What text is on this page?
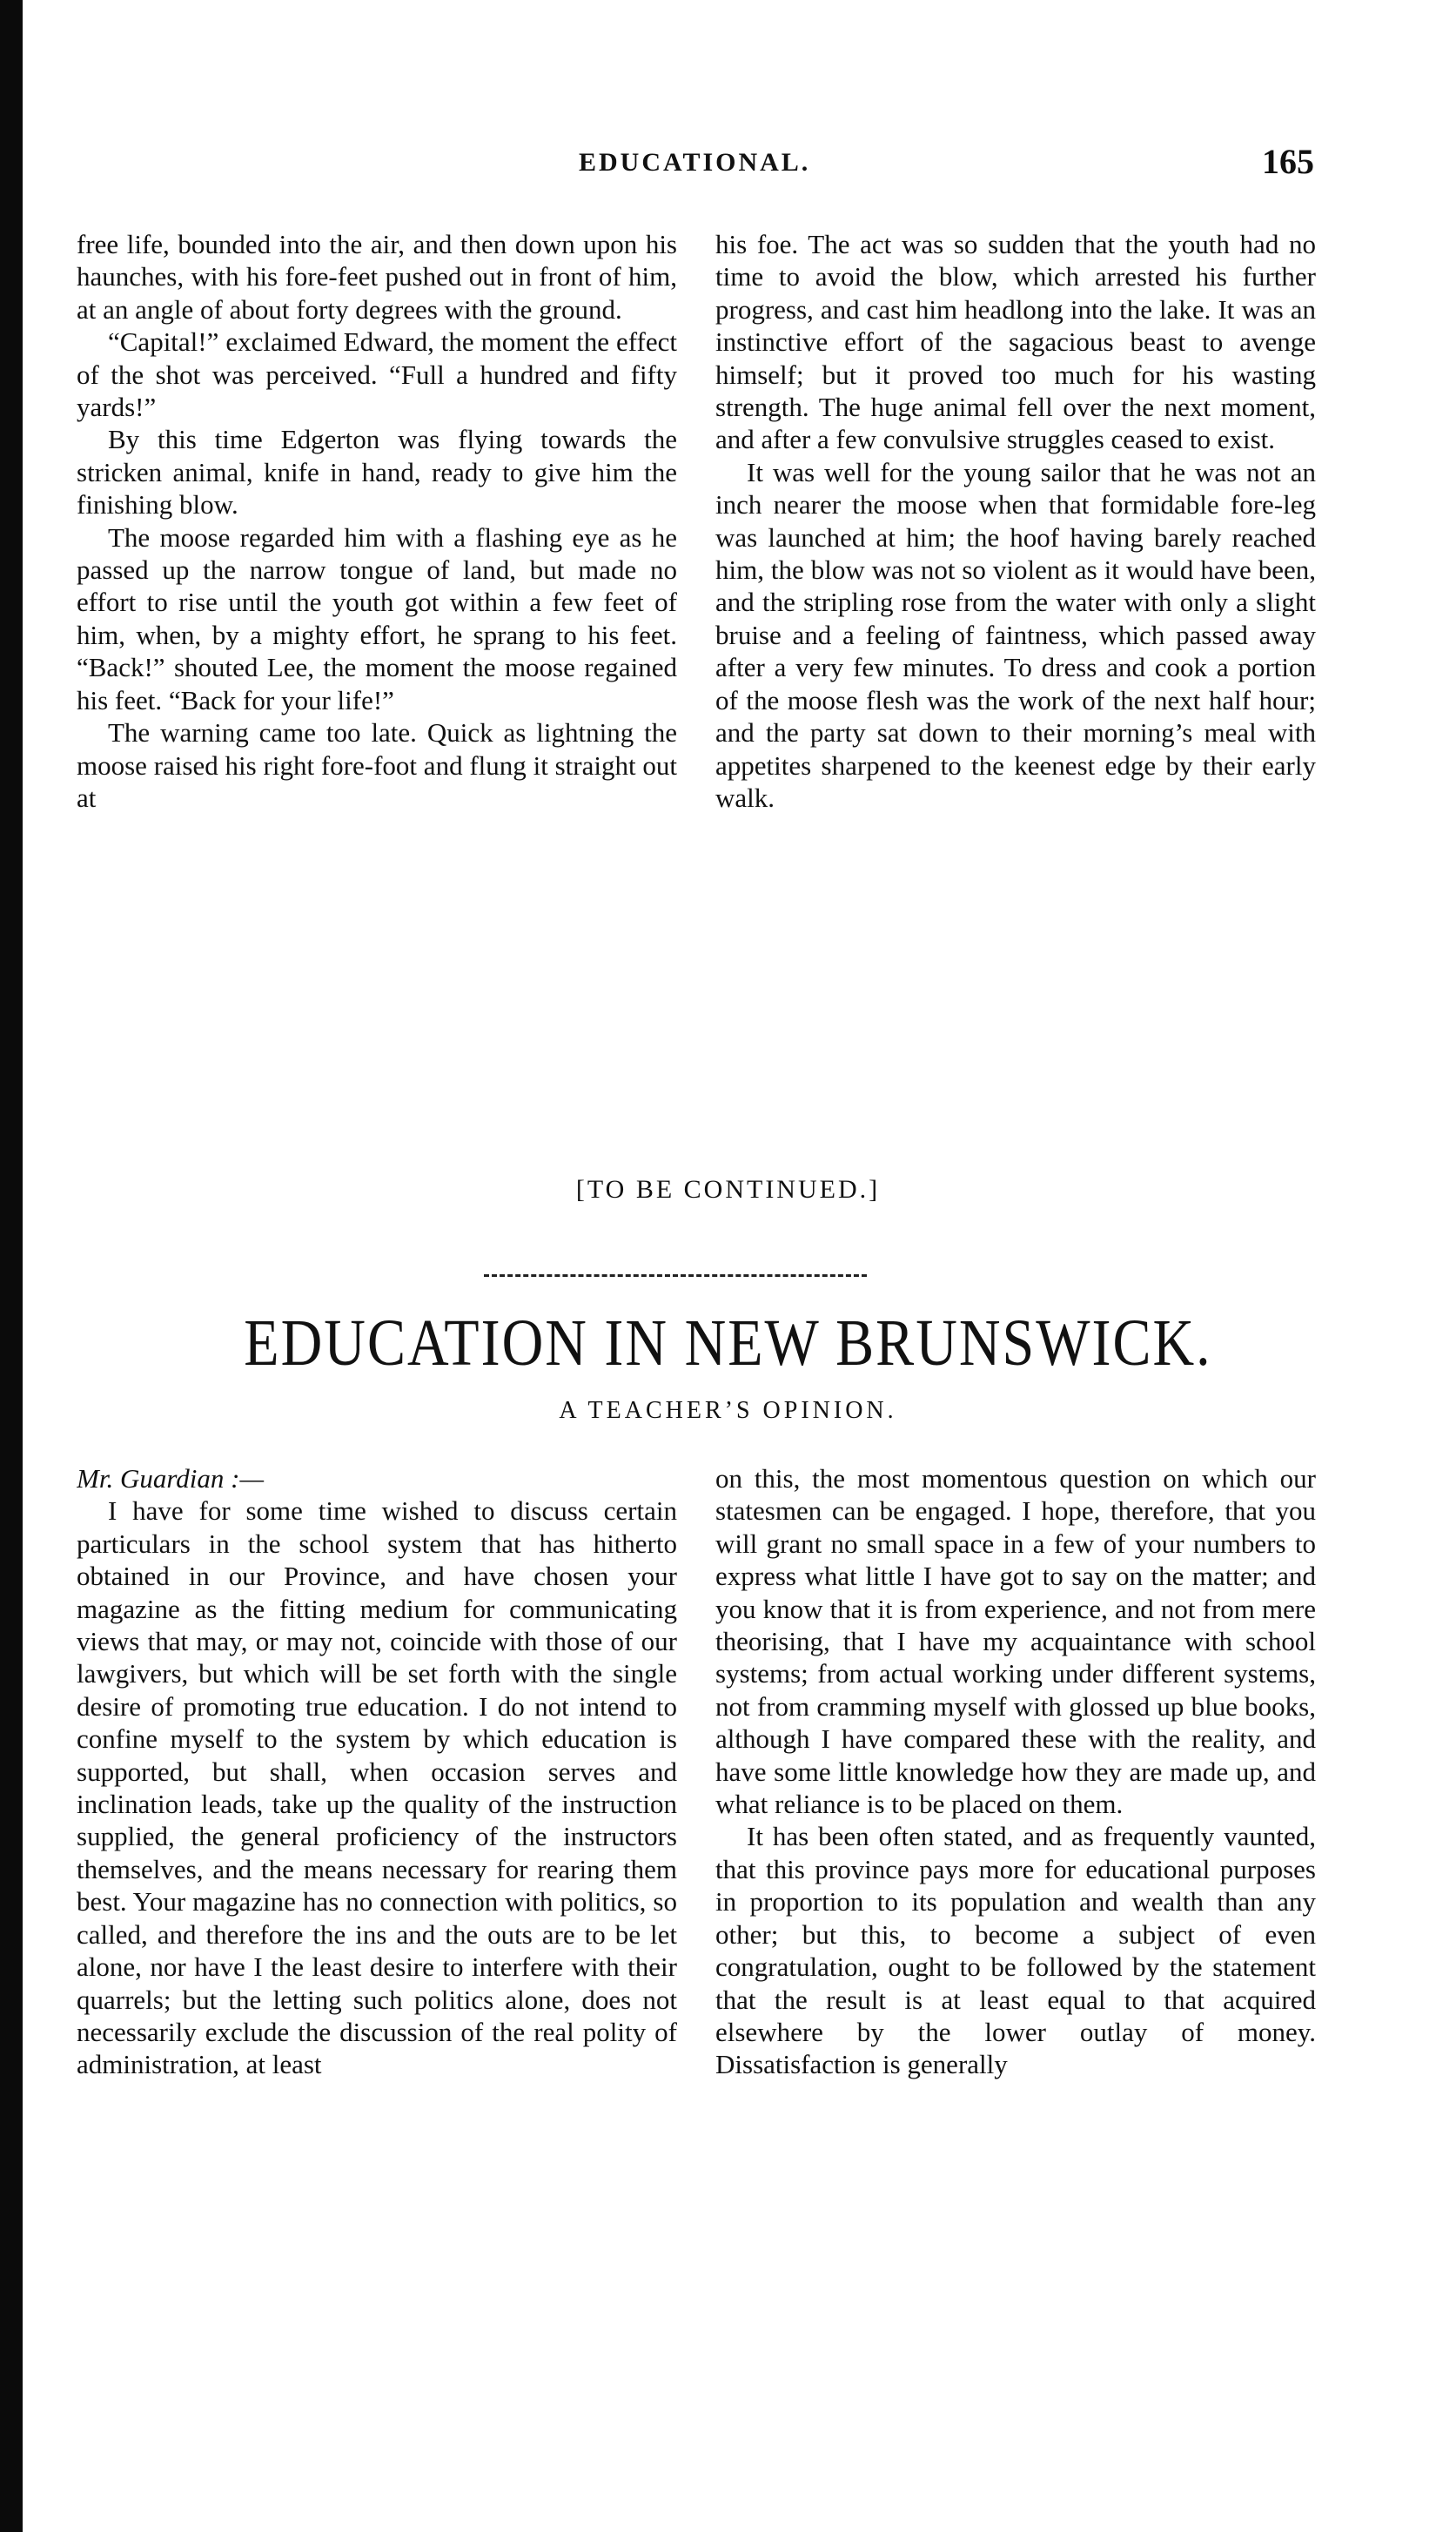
EDUCATIONAL.	165

free life, bounded into the air, and then down upon his haunches, with his fore-feet pushed out in front of him, at an angle of about forty degrees with the ground.

“Capital!” exclaimed Edward, the moment the effect of the shot was perceived. “Full a hundred and fifty yards!”

By this time Edgerton was flying towards the stricken animal, knife in hand, ready to give him the finishing blow.

The moose regarded him with a flashing eye as he passed up the narrow tongue of land, but made no effort to rise until the youth got within a few feet of him, when, by a mighty effort, he sprang to his feet. “Back!” shouted Lee, the moment the moose regained his feet. “Back for your life!”

The warning came too late. Quick as lightning the moose raised his right fore-foot and flung it straight out at

his foe. The act was so sudden that the youth had no time to avoid the blow, which arrested his further progress, and cast him headlong into the lake. It was an instinctive effort of the sagacious beast to avenge himself; but it proved too much for his wasting strength. The huge animal fell over the next moment, and after a few convulsive struggles ceased to exist.

It was well for the young sailor that he was not an inch nearer the moose when that formidable fore-leg was launched at him; the hoof having barely reached him, the blow was not so violent as it would have been, and the stripling rose from the water with only a slight bruise and a feeling of faintness, which passed away after a very few minutes. To dress and cook a portion of the moose flesh was the work of the next half hour; and the party sat down to their morning’s meal with appetites sharpened to the keenest edge by their early walk.

[TO BE CONTINUED.]
EDUCATION IN NEW BRUNSWICK.
A TEACHER’S OPINION.

Mr. Guardian :—

I have for some time wished to discuss certain particulars in the school system that has hitherto obtained in our Province, and have chosen your magazine as the fitting medium for communicating views that may, or may not, coincide with those of our lawgivers, but which will be set forth with the single desire of promoting true education. I do not intend to confine myself to the system by which education is supported, but shall, when occasion serves and inclination leads, take up the quality of the instruction supplied, the general proficiency of the instructors themselves, and the means necessary for rearing them best. Your magazine has no connection with politics, so called, and therefore the ins and the outs are to be let alone, nor have I the least desire to interfere with their quarrels; but the letting such politics alone, does not necessarily exclude the discussion of the real polity of administration, at least

on this, the most momentous question on which our statesmen can be engaged. I hope, therefore, that you will grant no small space in a few of your numbers to express what little I have got to say on the matter; and you know that it is from experience, and not from mere theorising, that I have my acquaintance with school systems; from actual working under different systems, not from cramming myself with glossed up blue books, although I have compared these with the reality, and have some little knowledge how they are made up, and what reliance is to be placed on them.

It has been often stated, and as frequently vaunted, that this province pays more for educational purposes in proportion to its population and wealth than any other; but this, to become a subject of even congratulation, ought to be followed by the statement that the result is at least equal to that acquired elsewhere by the lower outlay of money. Dissatisfaction is generally
